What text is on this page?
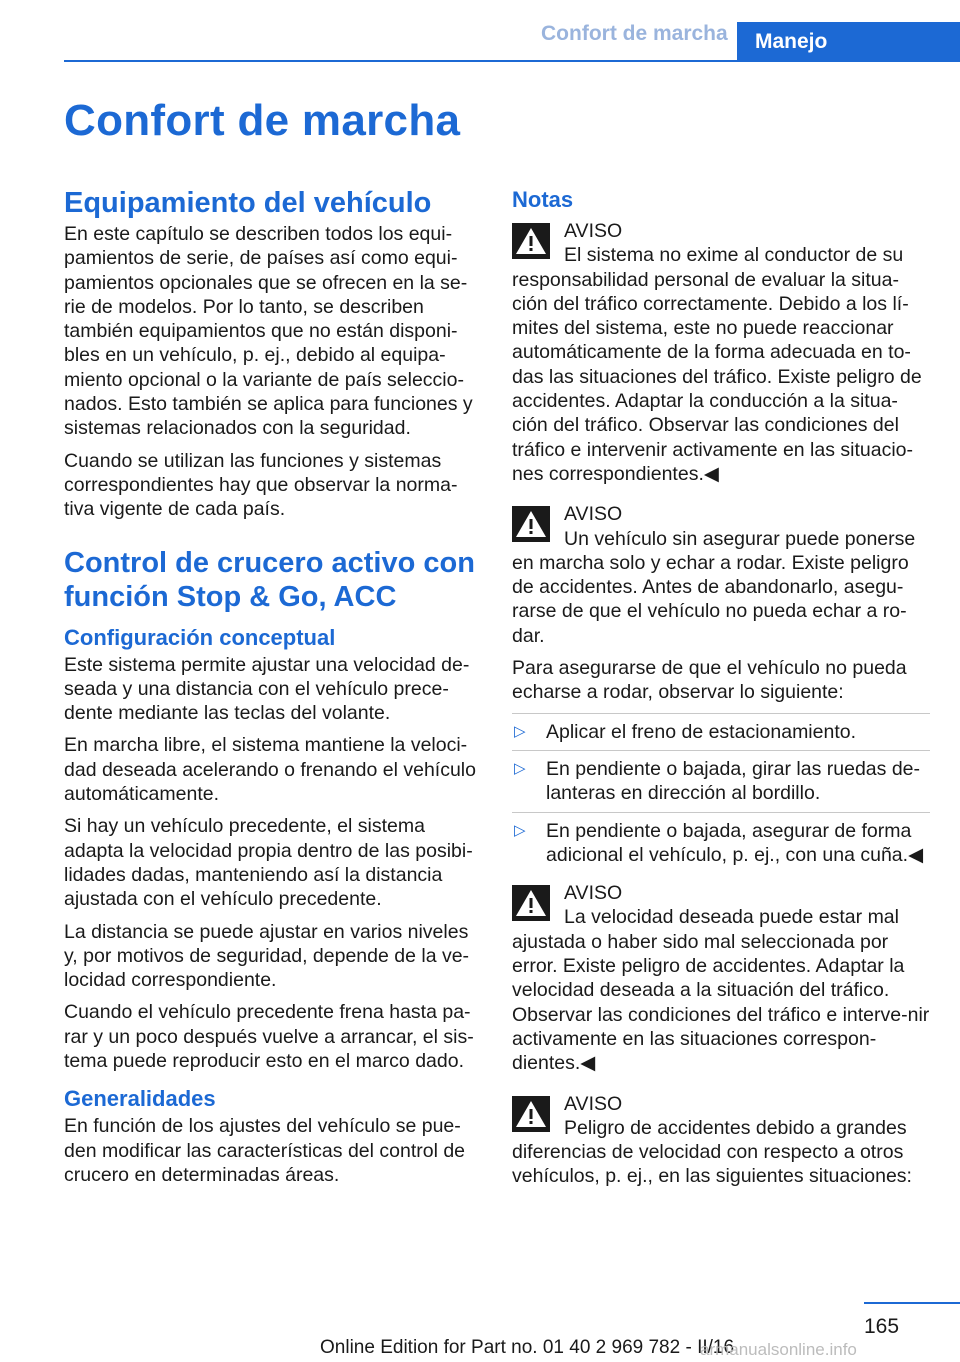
Confort de marcha	Manejo
Confort de marcha
Equipamiento del vehículo

En este capítulo se describen todos los equi-pamientos de serie, de países así como equi-pamientos opcionales que se ofrecen en la se-rie de modelos. Por lo tanto, se describen también equipamientos que no están disponi-bles en un vehículo, p. ej., debido al equipa-miento opcional o la variante de país seleccio-nados. Esto también se aplica para funciones y sistemas relacionados con la seguridad.

Cuando se utilizan las funciones y sistemas correspondientes hay que observar la norma-tiva vigente de cada país.

Control de crucero activo con función Stop & Go, ACC
Configuración conceptual

Este sistema permite ajustar una velocidad de-seada y una distancia con el vehículo prece-dente mediante las teclas del volante.

En marcha libre, el sistema mantiene la veloci-dad deseada acelerando o frenando el vehículo automáticamente.

Si hay un vehículo precedente, el sistema adapta la velocidad propia dentro de las posibi-lidades dadas, manteniendo así la distancia ajustada con el vehículo precedente.

La distancia se puede ajustar en varios niveles y, por motivos de seguridad, depende de la ve-locidad correspondiente.

Cuando el vehículo precedente frena hasta pa-rar y un poco después vuelve a arrancar, el sis-tema puede reproducir esto en el marco dado.

Generalidades

En función de los ajustes del vehículo se pue-den modificar las características del control de crucero en determinadas áreas.

Notas
AVISO
El sistema no exime al conductor de su responsabilidad personal de evaluar la situa-ción del tráfico correctamente. Debido a los lí-mites del sistema, este no puede reaccionar automáticamente de la forma adecuada en to-das las situaciones del tráfico. Existe peligro de accidentes. Adaptar la conducción a la situa-ción del tráfico. Observar las condiciones del tráfico e intervenir activamente en las situacio-nes correspondientes.◀
AVISO
Un vehículo sin asegurar puede ponerse en marcha solo y echar a rodar. Existe peligro de accidentes. Antes de abandonarlo, asegu-rarse de que el vehículo no pueda echar a ro-dar.

Para asegurarse de que el vehículo no pueda echarse a rodar, observar lo siguiente:

▷ Aplicar el freno de estacionamiento.
▷ En pendiente o bajada, girar las ruedas de-lanteras en dirección al bordillo.
▷ En pendiente o bajada, asegurar de forma adicional el vehículo, p. ej., con una cuña.◀
AVISO
La velocidad deseada puede estar mal ajustada o haber sido mal seleccionada por error. Existe peligro de accidentes. Adaptar la velocidad deseada a la situación del tráfico. Observar las condiciones del tráfico e interve-nir activamente en las situaciones correspon-dientes.◀
AVISO
Peligro de accidentes debido a grandes diferencias de velocidad con respecto a otros vehículos, p. ej., en las siguientes situaciones:
165
Online Edition for Part no. 01 40 2 969 782 - II/16
armanualsonline.info
